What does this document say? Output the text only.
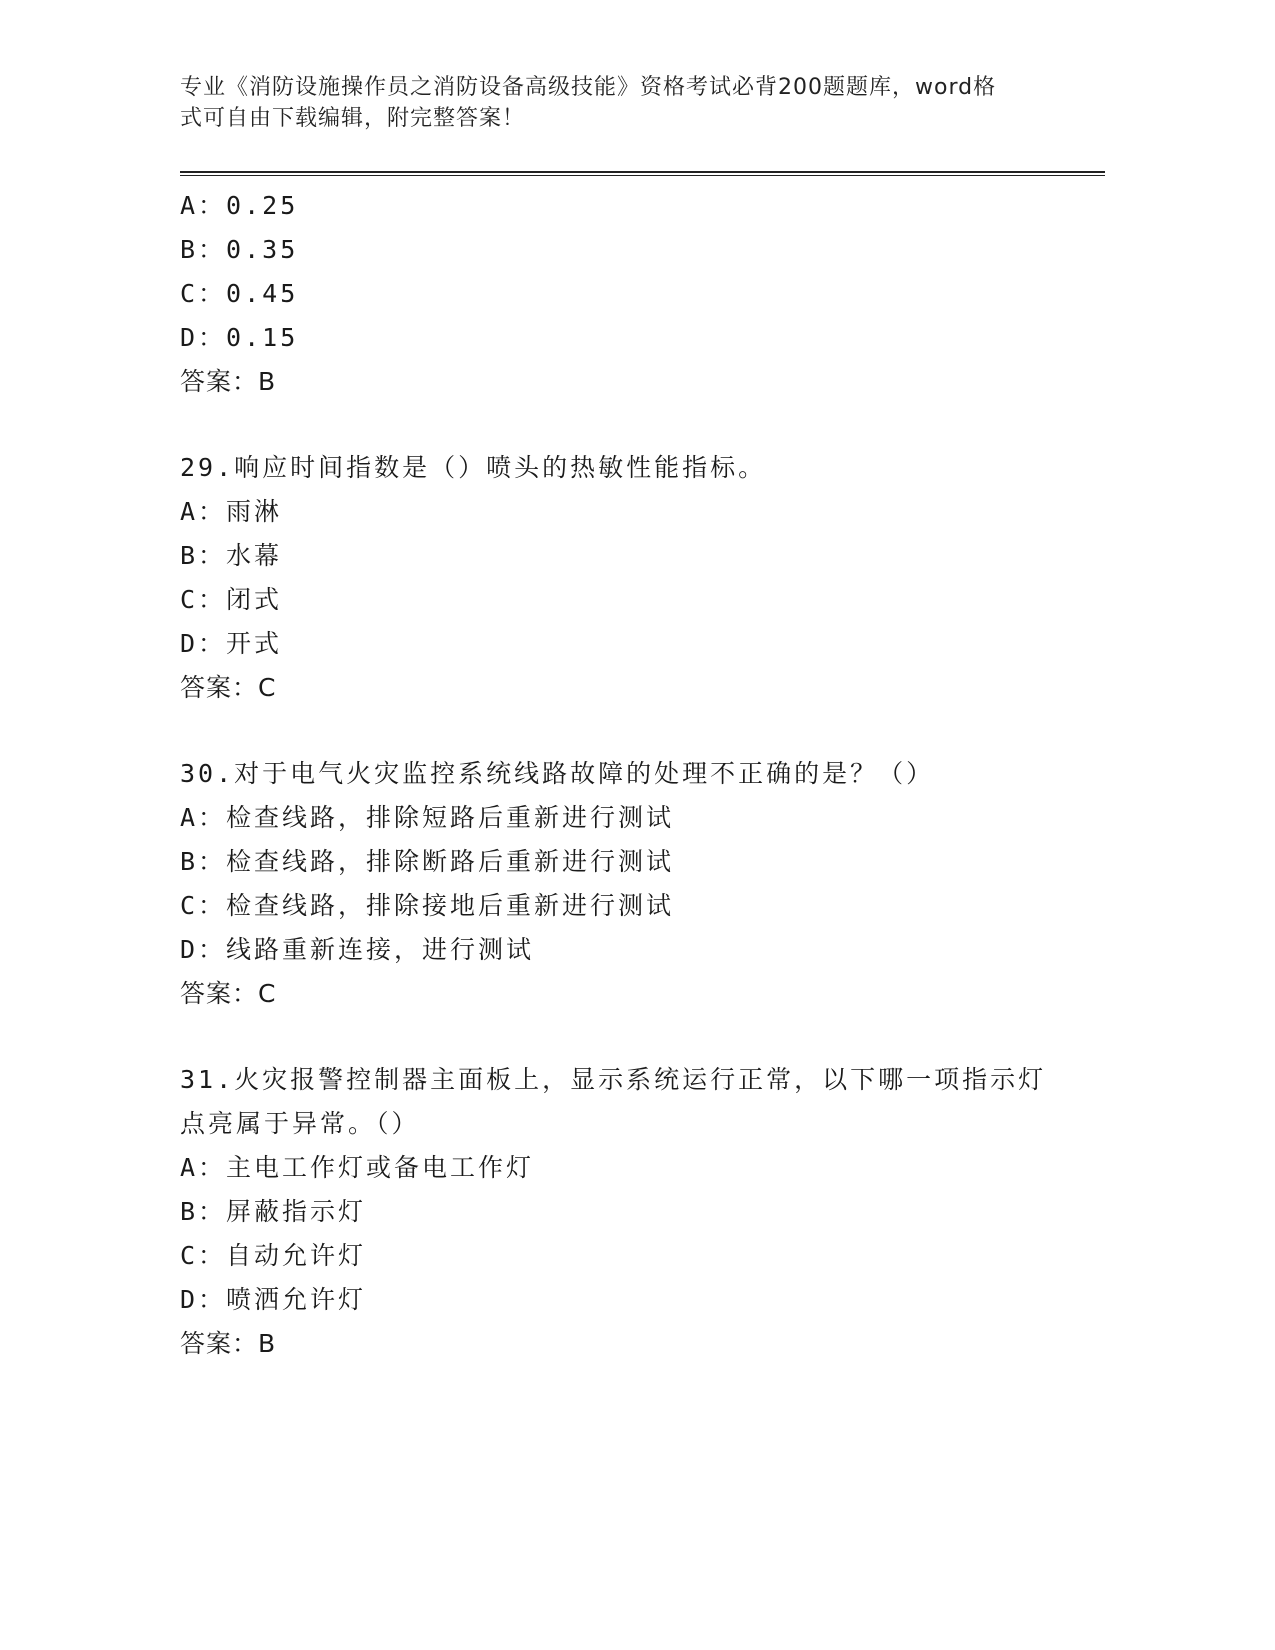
专业《消防设施操作员之消防设备高级技能》资格考试必背200题题库，word格
式可自由下载编辑，附完整答案！
A：0.25
B：0.35
C：0.45
D：0.15
答案：B
29.响应时间指数是（）喷头的热敏性能指标。
A：雨淋
B：水幕
C：闭式
D：开式
答案：C
30.对于电气火灾监控系统线路故障的处理不正确的是？（）
A：检查线路，排除短路后重新进行测试
B：检查线路，排除断路后重新进行测试
C：检查线路，排除接地后重新进行测试
D：线路重新连接，进行测试
答案：C
31.火灾报警控制器主面板上，显示系统运行正常，以下哪一项指示灯
点亮属于异常。（）
A：主电工作灯或备电工作灯
B：屏蔽指示灯
C：自动允许灯
D：喷洒允许灯
答案：B
